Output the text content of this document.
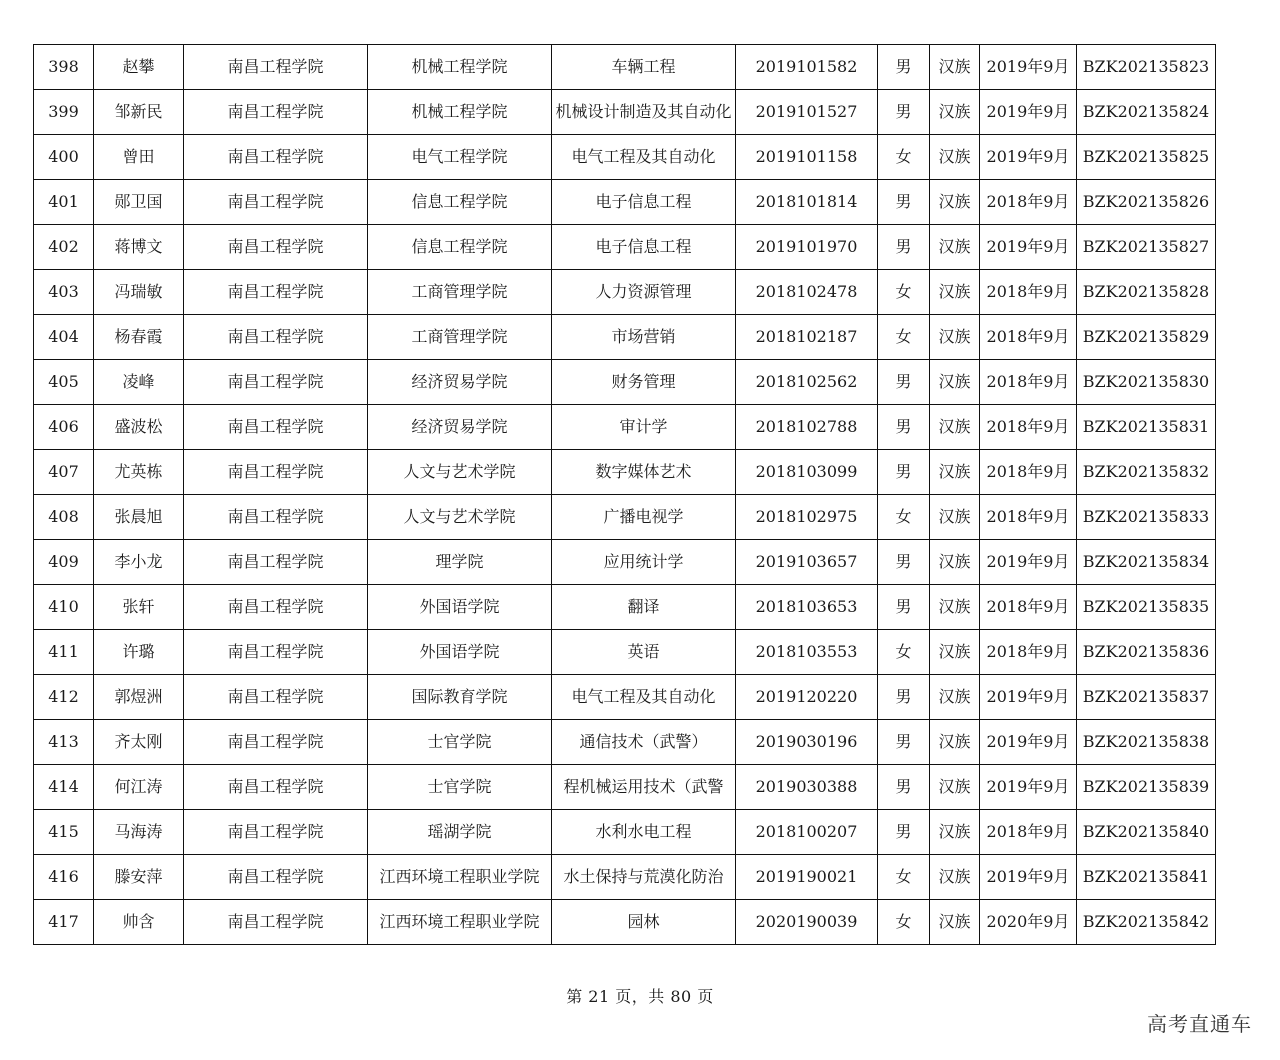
398	赵攀	南昌工程学院	机械工程学院	车辆工程	2019101582	男	汉族	2019年9月	BZK202135823
399	邹新民	南昌工程学院	机械工程学院	机械设计制造及其自动化	2019101527	男	汉族	2019年9月	BZK202135824
400	曾田	南昌工程学院	电气工程学院	电气工程及其自动化	2019101158	女	汉族	2019年9月	BZK202135825
401	郧卫国	南昌工程学院	信息工程学院	电子信息工程	2018101814	男	汉族	2018年9月	BZK202135826
402	蒋博文	南昌工程学院	信息工程学院	电子信息工程	2019101970	男	汉族	2019年9月	BZK202135827
403	冯瑞敏	南昌工程学院	工商管理学院	人力资源管理	2018102478	女	汉族	2018年9月	BZK202135828
404	杨春霞	南昌工程学院	工商管理学院	市场营销	2018102187	女	汉族	2018年9月	BZK202135829
405	凌峰	南昌工程学院	经济贸易学院	财务管理	2018102562	男	汉族	2018年9月	BZK202135830
406	盛波松	南昌工程学院	经济贸易学院	审计学	2018102788	男	汉族	2018年9月	BZK202135831
407	尤英栋	南昌工程学院	人文与艺术学院	数字媒体艺术	2018103099	男	汉族	2018年9月	BZK202135832
408	张晨旭	南昌工程学院	人文与艺术学院	广播电视学	2018102975	女	汉族	2018年9月	BZK202135833
409	李小龙	南昌工程学院	理学院	应用统计学	2019103657	男	汉族	2019年9月	BZK202135834
410	张轩	南昌工程学院	外国语学院	翻译	2018103653	男	汉族	2018年9月	BZK202135835
411	许璐	南昌工程学院	外国语学院	英语	2018103553	女	汉族	2018年9月	BZK202135836
412	郭煜洲	南昌工程学院	国际教育学院	电气工程及其自动化	2019120220	男	汉族	2019年9月	BZK202135837
413	齐太刚	南昌工程学院	士官学院	通信技术（武警）	2019030196	男	汉族	2019年9月	BZK202135838
414	何江涛	南昌工程学院	士官学院	程机械运用技术（武警	2019030388	男	汉族	2019年9月	BZK202135839
415	马海涛	南昌工程学院	瑶湖学院	水利水电工程	2018100207	男	汉族	2018年9月	BZK202135840
416	滕安萍	南昌工程学院	江西环境工程职业学院	水土保持与荒漠化防治	2019190021	女	汉族	2019年9月	BZK202135841
417	帅含	南昌工程学院	江西环境工程职业学院	园林	2020190039	女	汉族	2020年9月	BZK202135842
第 21 页，共 80 页
高考直通车
